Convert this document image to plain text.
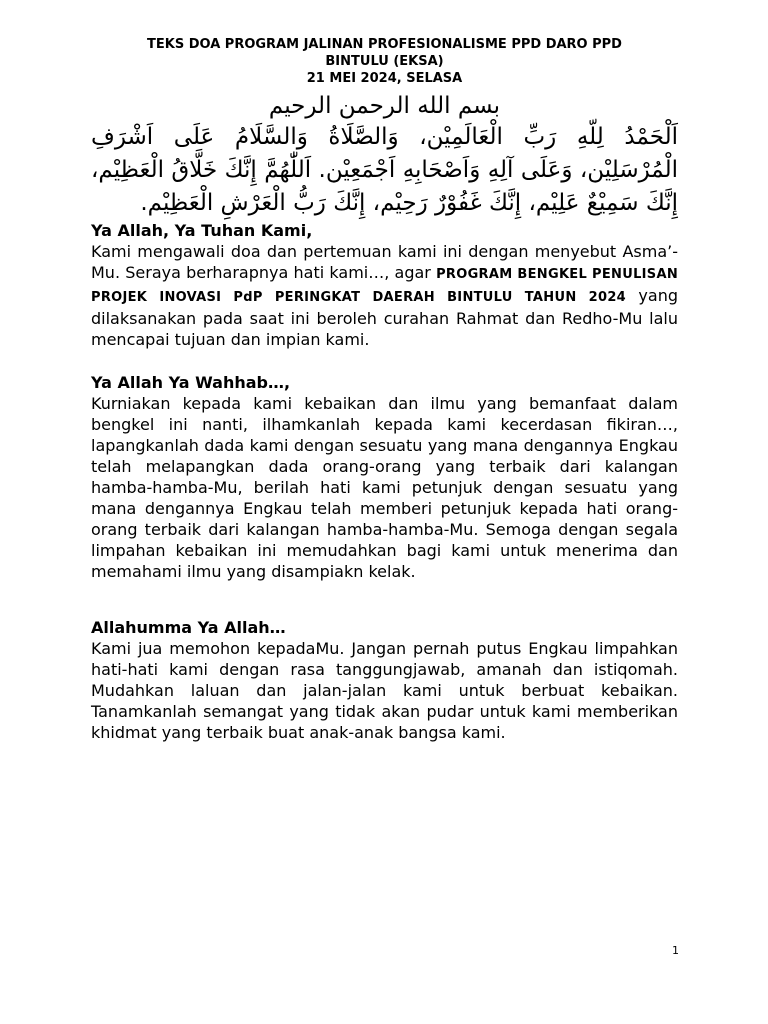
TEKS DOA PROGRAM JALINAN PROFESIONALISME PPD DARO PPD
BINTULU (EKSA)
21 MEI 2024, SELASA

بسم الله الرحمن الرحيم
اَلْحَمْدُ لِلّهِ رَبِّ الْعَالَمِيْن، وَالصَّلَاةُ وَالسَّلَامُ عَلَى اَشْرَفِ الْمُرْسَلِيْن، وَعَلَى آلِهِ وَاَصْحَابِهِ اَجْمَعِيْن. اَللّٰهُمَّ إِنَّكَ خَلَّاقُ الْعَظِيْم، إِنَّكَ سَمِيْعٌ عَلِيْم، إِنَّكَ غَفُوْرٌ رَحِيْم، إِنَّكَ رَبُّ الْعَرْشِ الْعَظِيْم.

Ya Allah, Ya Tuhan Kami,

Kami mengawali doa dan pertemuan kami ini dengan menyebut Asma’-Mu. Seraya berharapnya hati kami…, agar PROGRAM BENGKEL PENULISAN PROJEK INOVASI PdP PERINGKAT DAERAH BINTULU TAHUN 2024 yang dilaksanakan pada saat ini beroleh curahan Rahmat dan Redho-Mu lalu mencapai tujuan dan impian kami.

Ya Allah Ya Wahhab…,

Kurniakan kepada kami kebaikan dan ilmu yang bemanfaat dalam bengkel ini nanti, ilhamkanlah kepada kami kecerdasan fikiran…, lapangkanlah dada kami dengan sesuatu yang mana dengannya Engkau telah melapangkan dada orang-orang yang terbaik dari kalangan hamba-hamba-Mu, berilah hati kami petunjuk dengan sesuatu yang mana dengannya Engkau telah memberi petunjuk kepada hati orang-orang terbaik dari kalangan hamba-hamba-Mu. Semoga dengan segala limpahan kebaikan ini memudahkan bagi kami untuk menerima dan memahami ilmu yang disampiakn kelak.

Allahumma Ya Allah…

Kami jua memohon kepadaMu. Jangan pernah putus Engkau limpahkan hati-hati kami dengan rasa tanggungjawab, amanah dan istiqomah. Mudahkan laluan dan jalan-jalan kami untuk berbuat kebaikan. Tanamkanlah semangat yang tidak akan pudar untuk kami memberikan khidmat yang terbaik buat anak-anak bangsa kami.

1
